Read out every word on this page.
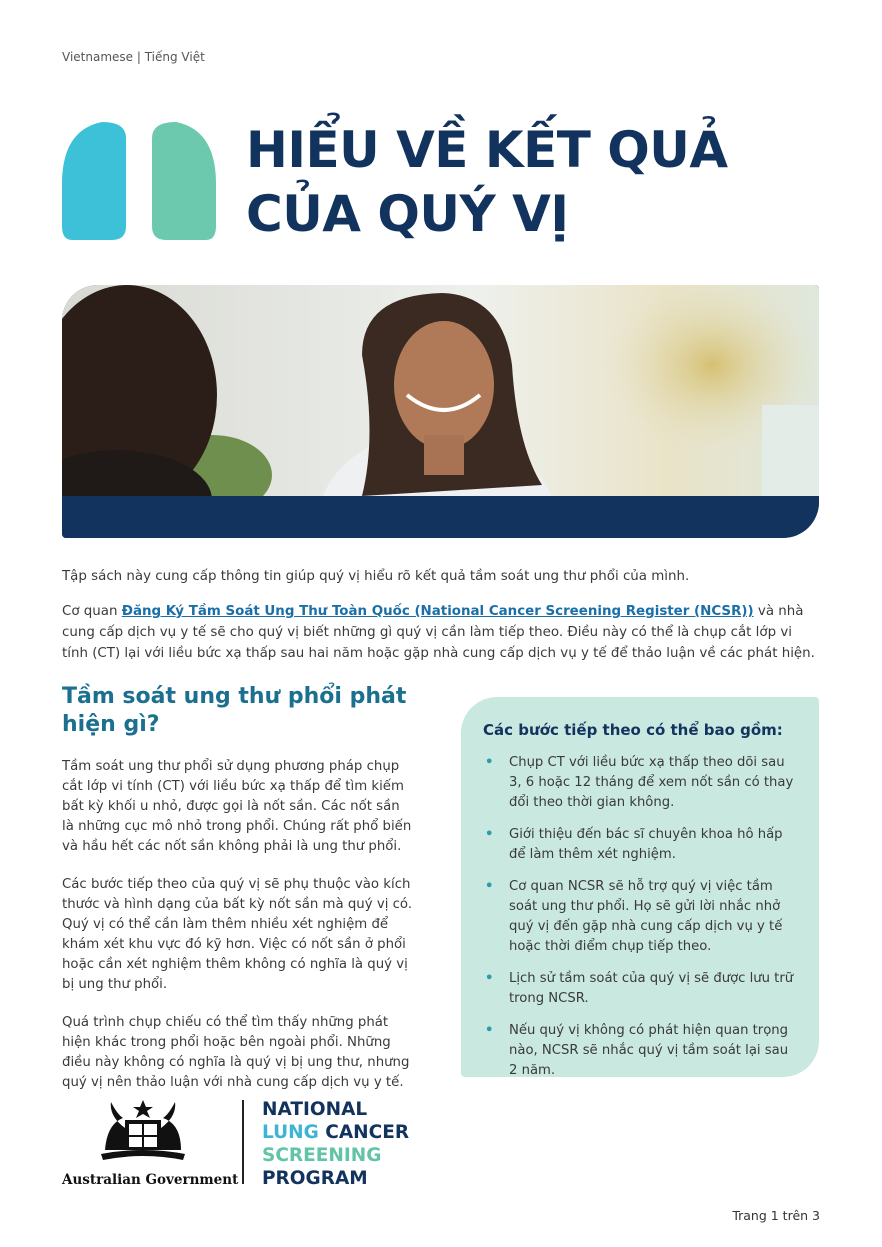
Vietnamese | Tiếng Việt
HIỂU VỀ KẾT QUẢ
CỦA QUÝ VỊ

Tập sách này cung cấp thông tin giúp quý vị hiểu rõ kết quả tầm soát ung thư phổi của mình.

Cơ quan Đăng Ký Tầm Soát Ung Thư Toàn Quốc (National Cancer Screening Register (NCSR)) và nhà cung cấp dịch vụ y tế sẽ cho quý vị biết những gì quý vị cần làm tiếp theo. Điều này có thể là chụp cắt lớp vi tính (CT) lại với liều bức xạ thấp sau hai năm hoặc gặp nhà cung cấp dịch vụ y tế để thảo luận về các phát hiện.

Tầm soát ung thư phổi phát hiện gì?

Tầm soát ung thư phổi sử dụng phương pháp chụp cắt lớp vi tính (CT) với liều bức xạ thấp để tìm kiếm bất kỳ khối u nhỏ, được gọi là nốt sần. Các nốt sần là những cục mô nhỏ trong phổi. Chúng rất phổ biến và hầu hết các nốt sần không phải là ung thư phổi.

Các bước tiếp theo của quý vị sẽ phụ thuộc vào kích thước và hình dạng của bất kỳ nốt sần mà quý vị có. Quý vị có thể cần làm thêm nhiều xét nghiệm để khám xét khu vực đó kỹ hơn. Việc có nốt sần ở phổi hoặc cần xét nghiệm thêm không có nghĩa là quý vị bị ung thư phổi.

Quá trình chụp chiếu có thể tìm thấy những phát hiện khác trong phổi hoặc bên ngoài phổi. Những điều này không có nghĩa là quý vị bị ung thư, nhưng quý vị nên thảo luận với nhà cung cấp dịch vụ y tế.

Các bước tiếp theo có thể bao gồm:
• Chụp CT với liều bức xạ thấp theo dõi sau 3, 6 hoặc 12 tháng để xem nốt sần có thay đổi theo thời gian không.
• Giới thiệu đến bác sĩ chuyên khoa hô hấp để làm thêm xét nghiệm.
• Cơ quan NCSR sẽ hỗ trợ quý vị việc tầm soát ung thư phổi. Họ sẽ gửi lời nhắc nhở quý vị đến gặp nhà cung cấp dịch vụ y tế hoặc thời điểm chụp tiếp theo.
• Lịch sử tầm soát của quý vị sẽ được lưu trữ trong NCSR.
• Nếu quý vị không có phát hiện quan trọng nào, NCSR sẽ nhắc quý vị tầm soát lại sau 2 năm.
Australian Government
NATIONAL
LUNG CANCER
SCREENING
PROGRAM
Trang 1 trên 3
